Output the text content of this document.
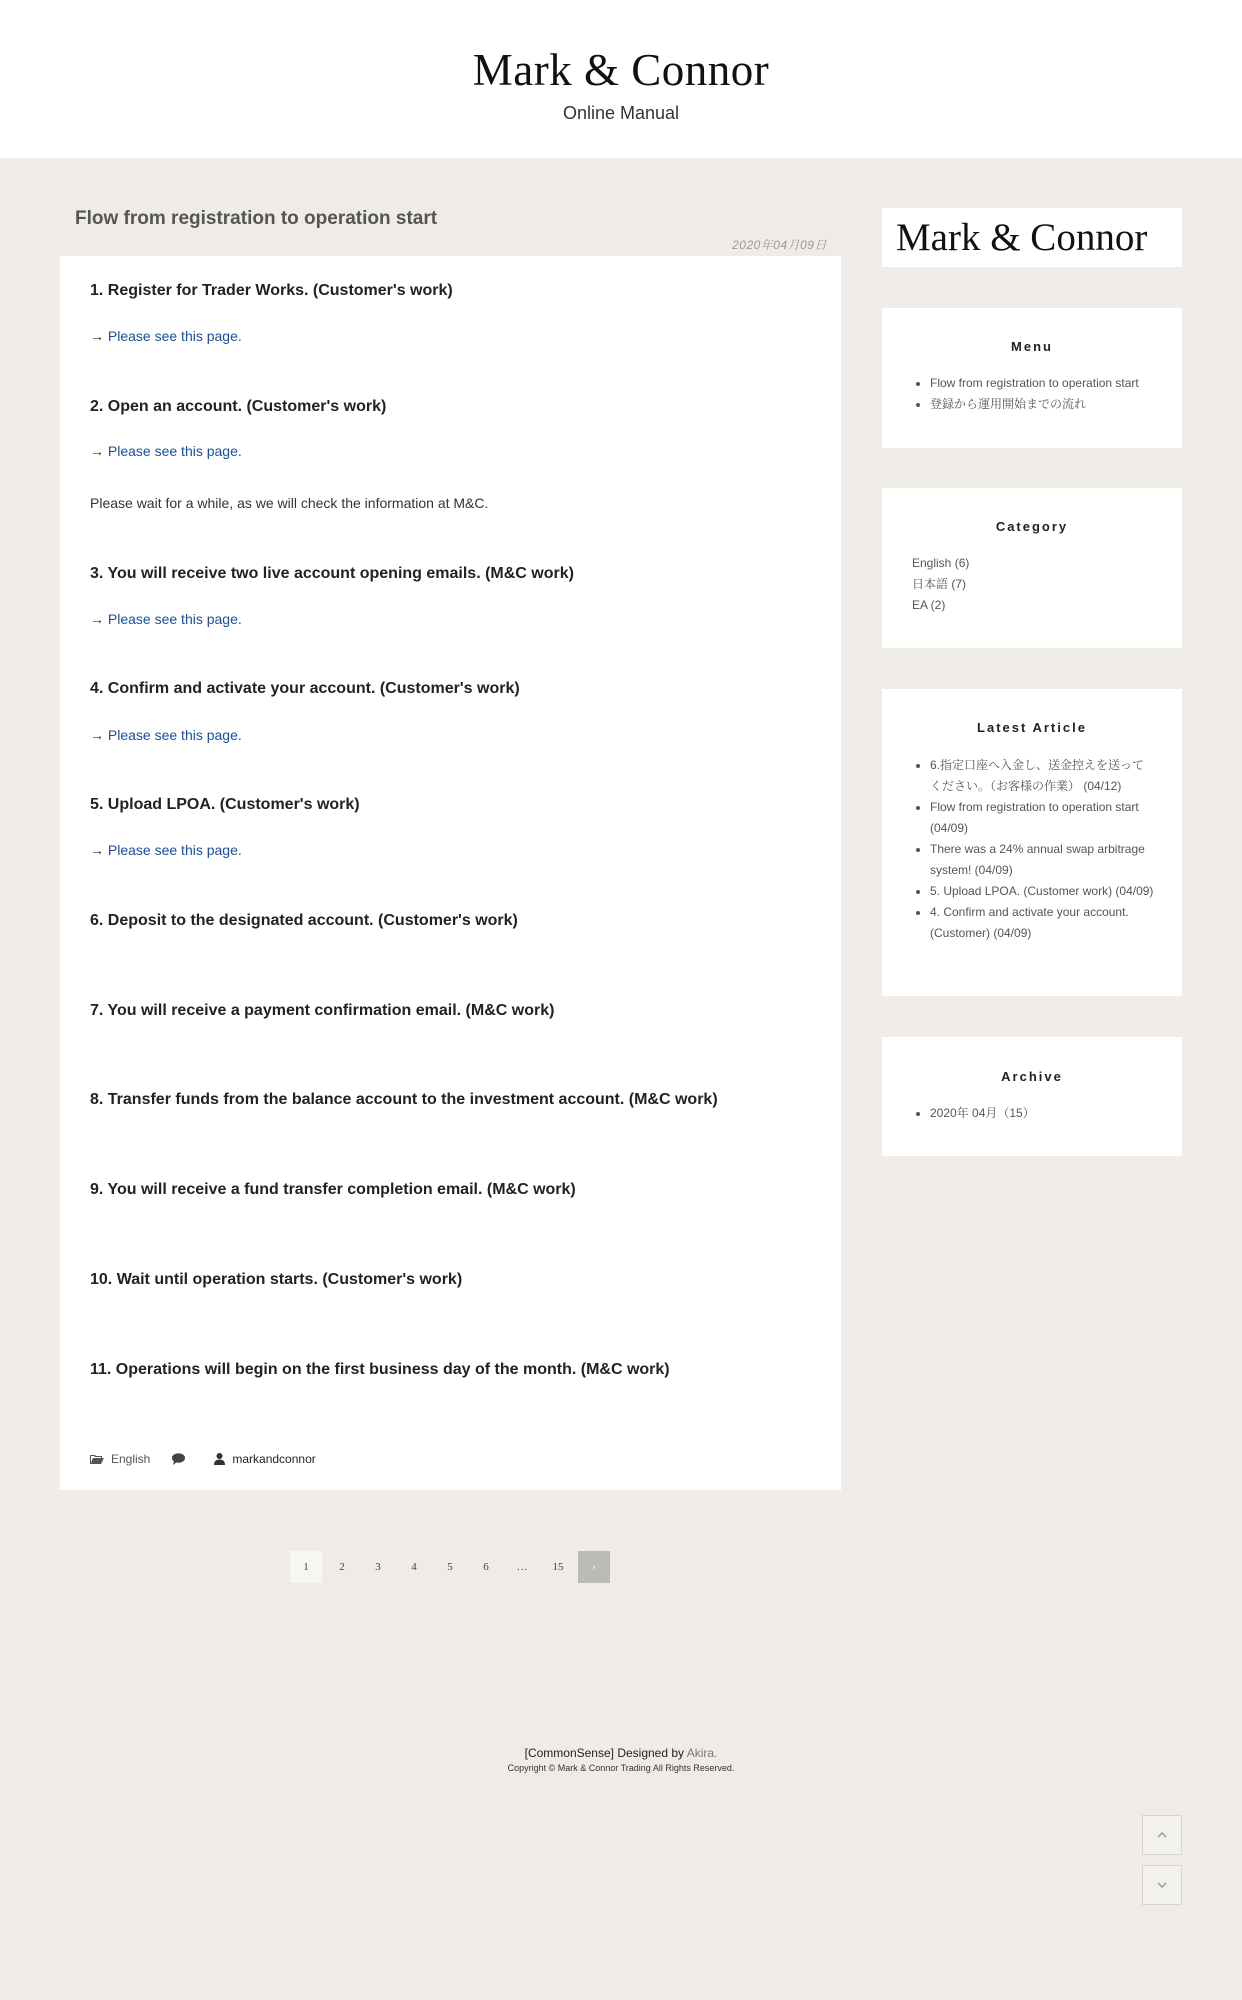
Mark & Connor
Online Manual
Flow from registration to operation start
2020年04月09日
1. Register for Trader Works. (Customer's work)
→ Please see this page.
2. Open an account. (Customer's work)
→ Please see this page.
Please wait for a while, as we will check the information at M&C.
3. You will receive two live account opening emails. (M&C work)
→ Please see this page.
4. Confirm and activate your account. (Customer's work)
→ Please see this page.
5. Upload LPOA. (Customer's work)
→ Please see this page.
6. Deposit to the designated account. (Customer's work)
7. You will receive a payment confirmation email. (M&C work)
8. Transfer funds from the balance account to the investment account. (M&C work)
9. You will receive a fund transfer completion email. (M&C work)
10. Wait until operation starts. (Customer's work)
11. Operations will begin on the first business day of the month. (M&C work)
English	markandconnor
1	2	3	4	5	6	…	15	›
Mark & Connor
Menu
• Flow from registration to operation start
• 登録から運用開始までの流れ
Category
English (6)
日本語 (7)
EA (2)
Latest Article
• 6.指定口座へ入金し、送金控えを送ってください。（お客様の作業） (04/12)
• Flow from registration to operation start (04/09)
• There was a 24% annual swap arbitrage system! (04/09)
• 5. Upload LPOA. (Customer work) (04/09)
• 4. Confirm and activate your account. (Customer) (04/09)
Archive
• 2020年 04月（15）
[CommonSense] Designed by Akira.
Copyright © Mark & Connor Trading All Rights Reserved.
